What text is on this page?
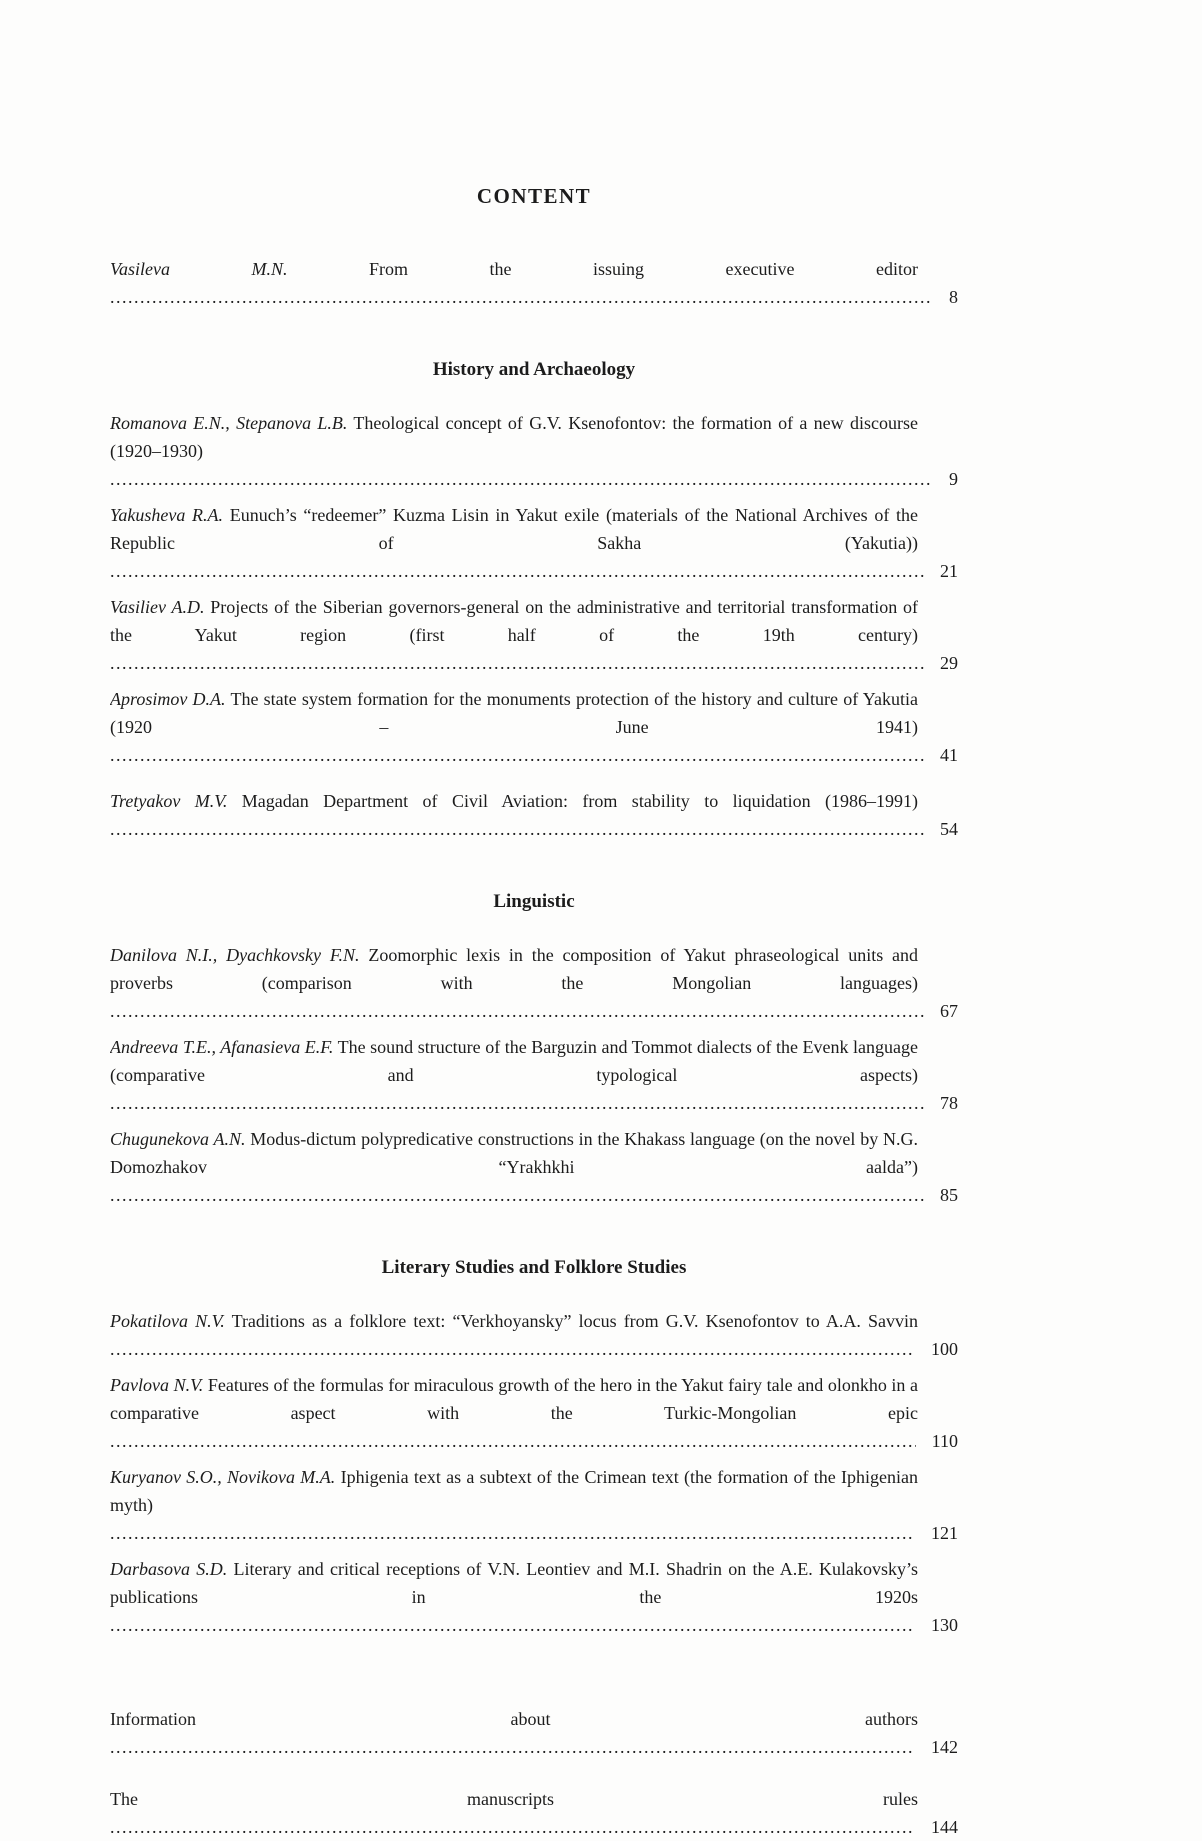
CONTENT

Vasileva M.N.	From the issuing executive editor .....

8
History and Archaeology

Romanova E.N., Stepanova L.B. Theological concept of G.V. Ksenofontov: the formation of a new discourse (1920–1930) .....

9

Yakusheva R.A. Eunuch’s “redeemer” Kuzma Lisin in Yakut exile (materials of the National Archives of the Republic of Sakha (Yakutia)) .....

21

Vasiliev A.D. Projects of the Siberian governors-general on the administrative and territorial transformation of the Yakut region (first half of the 19th century) .....

29

Aprosimov D.A. The state system formation for the monuments protection of the history and culture of Yakutia (1920 – June 1941) .....

41

Tretyakov M.V. Magadan Department of Civil Aviation: from stability to liquidation (1986–1991) .....

54
Linguistic

Danilova N.I., Dyachkovsky F.N. Zoomorphic lexis in the composition of Yakut phraseological units and proverbs (comparison with the Mongolian languages) .....

67

Andreeva T.E., Afanasieva E.F. The sound structure of the Barguzin and Tommot dialects of the Evenk language (comparative and typological aspects) .....

78

Chugunekova A.N. Modus-dictum polypredicative constructions in the Khakass language (on the novel by N.G. Domozhakov “Yrakhkhi aalda”) .....

85
Literary Studies and Folklore Studies

Pokatilova N.V. Traditions as a folklore text: “Verkhoyansky” locus from G.V. Ksenofontov to A.A. Savvin .....

100

Pavlova N.V. Features of the formulas for miraculous growth of the hero in the Yakut fairy tale and olonkho in a comparative aspect with the Turkic-Mongolian epic .....

110

Kuryanov S.O., Novikova M.A. Iphigenia text as a subtext of the Crimean text (the formation of the Iphigenian myth) .....

121

Darbasova S.D. Literary and critical receptions of V.N. Leontiev and M.I. Shadrin on the A.E. Kulakovsky’s publications in the 1920s .....

130

Information about authors .....

142

The manuscripts rules .....

144
